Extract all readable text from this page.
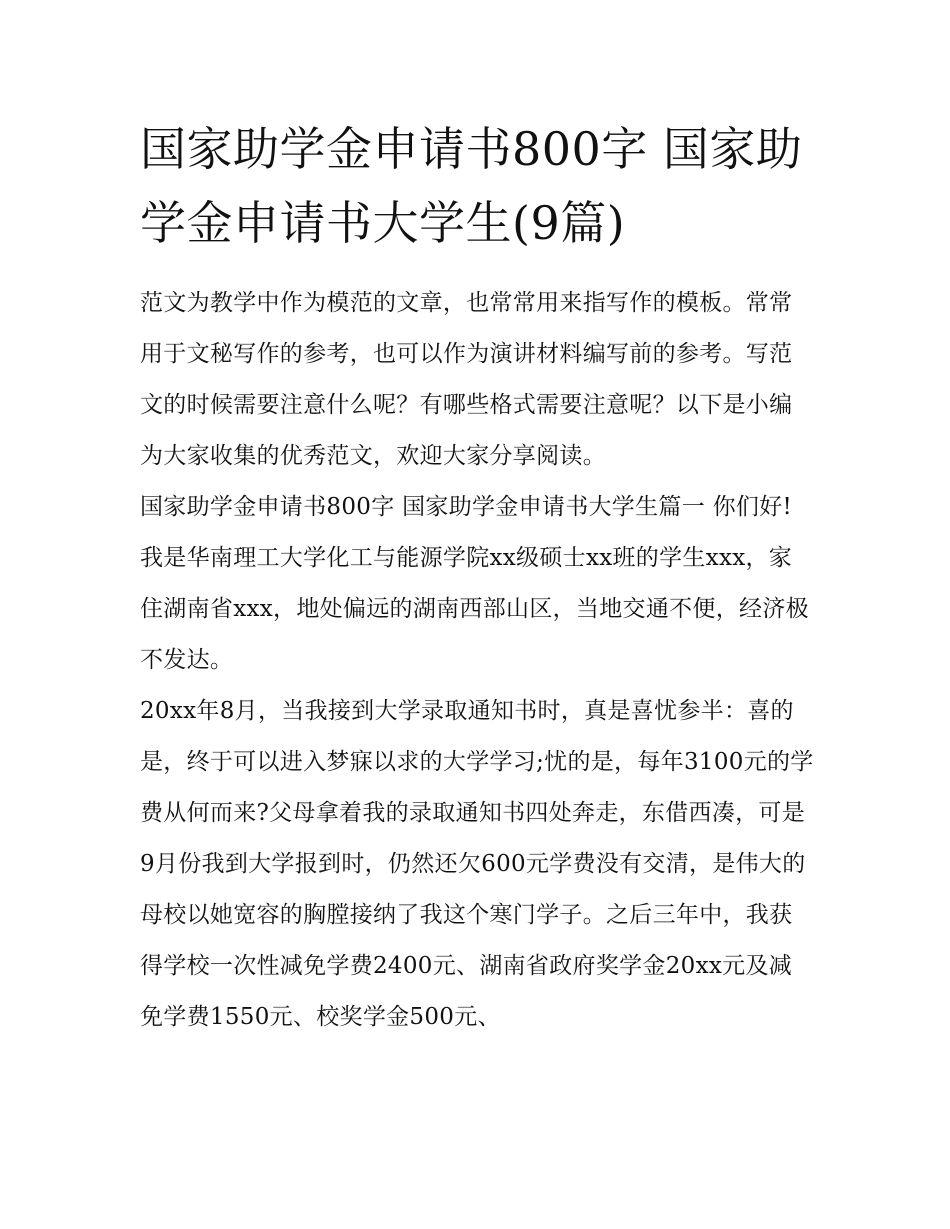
国家助学金申请书800字 国家助学金申请书大学生(9篇)

范文为教学中作为模范的文章，也常常用来指写作的模板。常常用于文秘写作的参考，也可以作为演讲材料编写前的参考。写范文的时候需要注意什么呢？有哪些格式需要注意呢？以下是小编为大家收集的优秀范文，欢迎大家分享阅读。

国家助学金申请书800字 国家助学金申请书大学生篇一 你们好!

我是华南理工大学化工与能源学院xx级硕士xx班的学生xxx，家住湖南省xxx，地处偏远的湖南西部山区，当地交通不便，经济极不发达。

20xx年8月，当我接到大学录取通知书时，真是喜忧参半：喜的是，终于可以进入梦寐以求的大学学习;忧的是，每年3100元的学费从何而来?父母拿着我的录取通知书四处奔走，东借西凑，可是9月份我到大学报到时，仍然还欠600元学费没有交清，是伟大的母校以她宽容的胸膛接纳了我这个寒门学子。之后三年中，我获得学校一次性减免学费2400元、湖南省政府奖学金20xx元及减免学费1550元、校奖学金500元、
